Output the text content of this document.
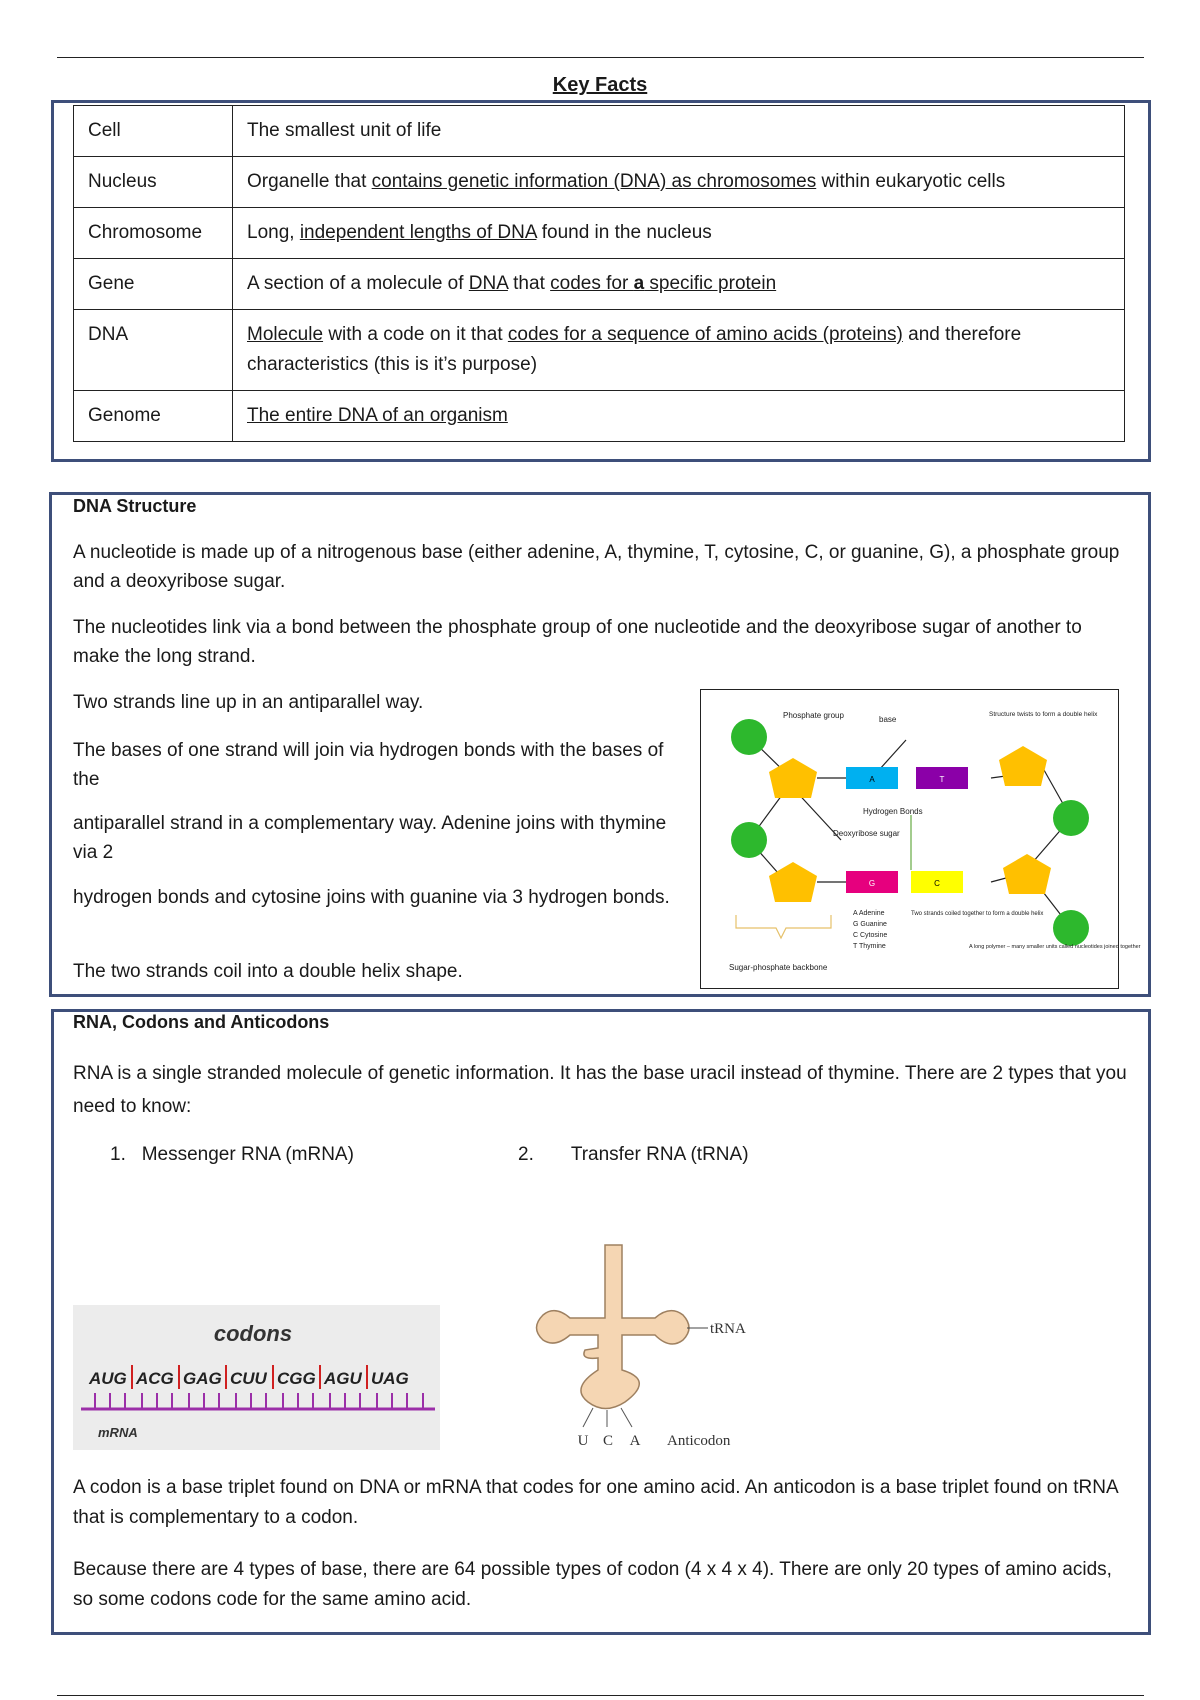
Key Facts
Cell	The smallest unit of life
Nucleus	Organelle that contains genetic information (DNA) as chromosomes within eukaryotic cells
Chromosome	Long, independent lengths of DNA found in the nucleus
Gene	A section of a molecule of DNA that codes for a specific protein
DNA	Molecule with a code on it that codes for a sequence of amino acids (proteins) and therefore characteristics (this is it’s purpose)
Genome	The entire DNA of an organism
DNA Structure
A nucleotide is made up of a nitrogenous base (either adenine, A, thymine, T, cytosine, C, or guanine, G), a phosphate group and a deoxyribose sugar.
The nucleotides link via a bond between the phosphate group of one nucleotide and the deoxyribose sugar of another to make the long strand.
Two strands line up in an antiparallel way.
The bases of one strand will join via hydrogen bonds with the bases of the
antiparallel strand in a complementary way. Adenine joins with thymine via 2
hydrogen bonds and cytosine joins with guanine via 3 hydrogen bonds.
The two strands coil into a double helix shape.
A	T
G	C
Phosphate group	base
Structure twists to form a double helix
Hydrogen Bonds
Deoxyribose sugar
A Adenine
G Guanine
C Cytosine
T Thymine
Two strands coiled together to form a double helix
A long polymer – many smaller units called nucleotides joined together
Sugar-phosphate backbone
RNA, Codons and Anticodons
RNA is a single stranded molecule of genetic information. It has the base uracil instead of thymine. There are 2 types that you need to know:
1. Messenger RNA (mRNA)	2. Transfer RNA (tRNA)
codons
AUG ACG GAG CUU CGG AGU UAG
mRNA
tRNA
U C A Anticodon
A codon is a base triplet found on DNA or mRNA that codes for one amino acid. An anticodon is a base triplet found on tRNA that is complementary to a codon.
Because there are 4 types of base, there are 64 possible types of codon (4 x 4 x 4). There are only 20 types of amino acids, so some codons code for the same amino acid.
